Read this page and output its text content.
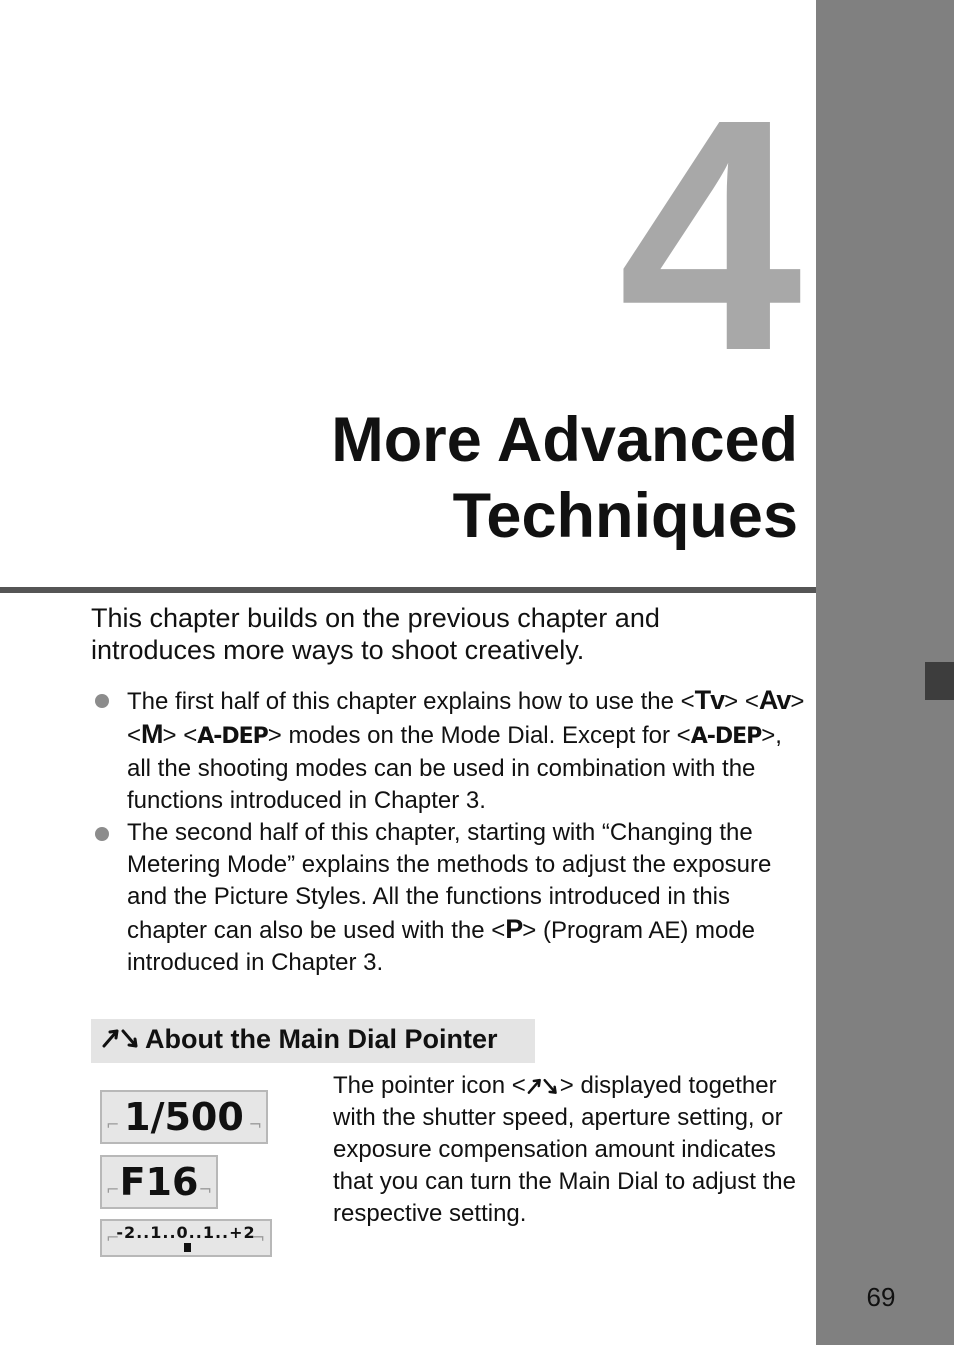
4
More Advanced
Techniques
This chapter builds on the previous chapter and introduces more ways to shoot creatively.
The first half of this chapter explains how to use the <Tv> <Av> <M> <A-DEP> modes on the Mode Dial. Except for <A-DEP>, all the shooting modes can be used in combination with the functions introduced in Chapter 3.
The second half of this chapter, starting with “Changing the Metering Mode” explains the methods to adjust the exposure and the Picture Styles. All the functions introduced in this chapter can also be used with the <P> (Program AE) mode introduced in Chapter 3.
About the Main Dial Pointer
⌐ 1/500 ¬
⌐ F16 ¬
⌐
-2..1..0..1..+2
¬
The pointer icon < > displayed together with the shutter speed, aperture setting, or exposure compensation amount indicates that you can turn the Main Dial to adjust the respective setting.
69
